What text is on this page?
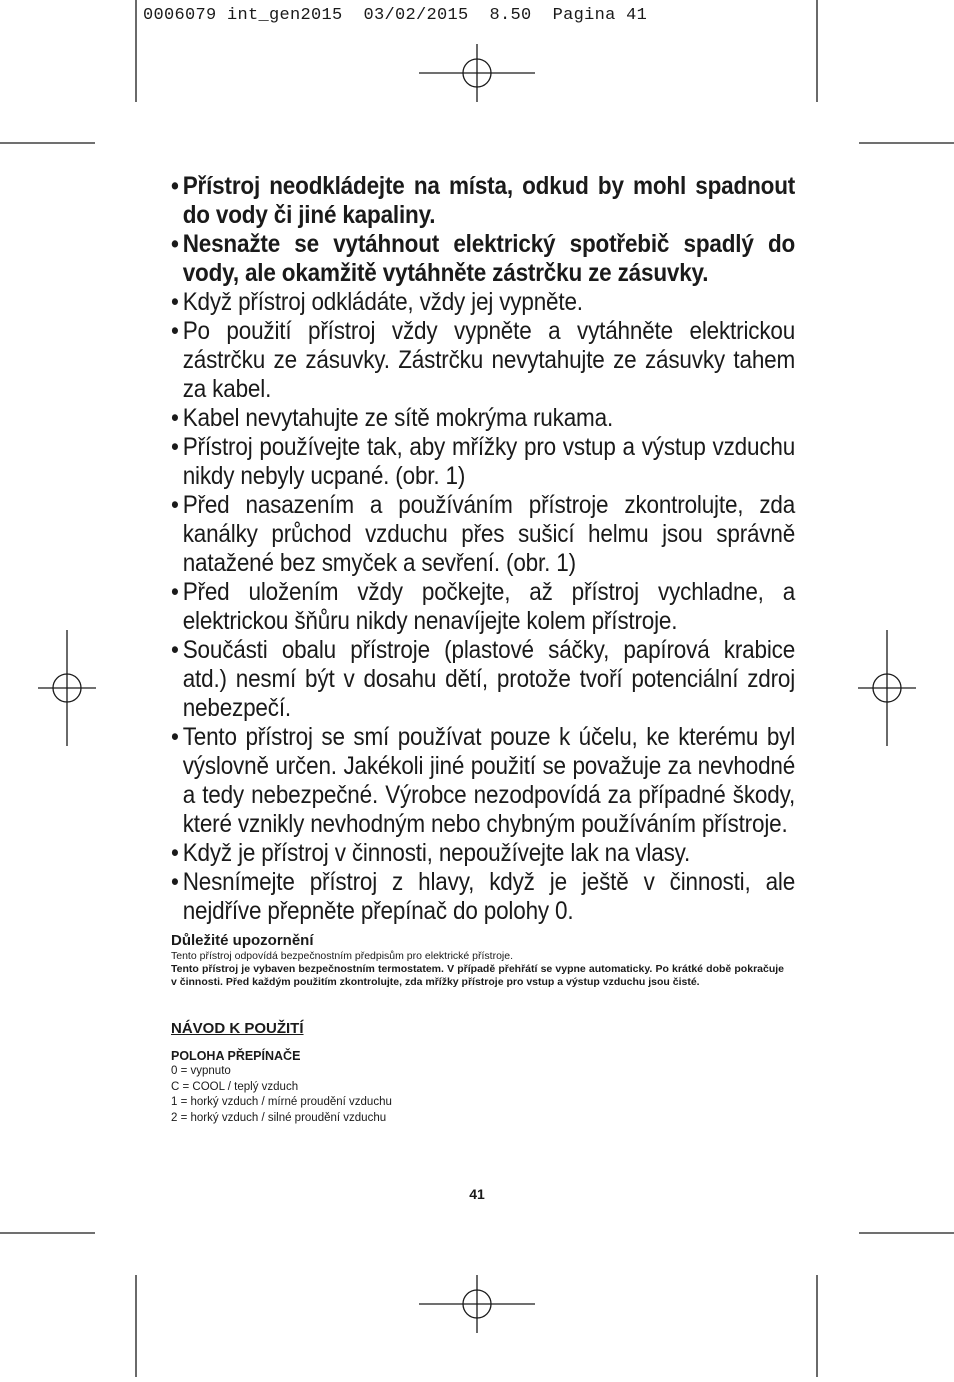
0006079 int_gen2015  03/02/2015  8.50  Pagina 41
• Přístroj neodkládejte na místa, odkud by mohl spadnout do vody či jiné kapaliny.
• Nesnažte se vytáhnout elektrický spotřebič spadlý do vody, ale okamžitě vytáhněte zástrčku ze zásuvky.
• Když přístroj odkládáte, vždy jej vypněte.
• Po použití přístroj vždy vypněte a vytáhněte elektrickou zástrčku ze zásuvky. Zástrčku nevytahujte ze zásuvky tahem za kabel.
• Kabel nevytahujte ze sítě mokrýma rukama.
• Přístroj používejte tak, aby mřížky pro vstup a výstup vzduchu nikdy nebyly ucpané. (obr. 1)
• Před nasazením a používáním přístroje zkontrolujte, zda kanálky průchod vzduchu přes sušicí helmu jsou správně natažené bez smyček a sevření. (obr. 1)
• Před uložením vždy počkejte, až přístroj vychladne, a elektrickou šňůru nikdy nenavíjejte kolem přístroje.
• Součásti obalu přístroje (plastové sáčky, papírová krabice atd.) nesmí být v dosahu dětí, protože tvoří potenciální zdroj nebezpečí.
• Tento přístroj se smí používat pouze k účelu, ke kterému byl výslovně určen. Jakékoli jiné použití se považuje za nevhodné a tedy nebezpečné. Výrobce nezodpovídá za případné škody, které vznikly nevhodným nebo chybným používáním přístroje.
• Když je přístroj v činnosti, nepoužívejte lak na vlasy.
• Nesnímejte přístroj z hlavy, když je ještě v činnosti, ale nejdříve přepněte přepínač do polohy 0.
Důležité upozornění
Tento přístroj odpovídá bezpečnostním předpisům pro elektrické přístroje.
Tento přístroj je vybaven bezpečnostním termostatem. V případě přehřátí se vypne automaticky. Po krátké době pokračuje v činnosti. Před každým použitím zkontrolujte, zda mřížky přístroje pro vstup a výstup vzduchu jsou čisté.
NÁVOD K POUŽITÍ
POLOHA PŘEPÍNAČE
0 = vypnuto
C = COOL / teplý vzduch
1 = horký vzduch / mírné proudění vzduchu
2 = horký vzduch / silné proudění vzduchu
41
